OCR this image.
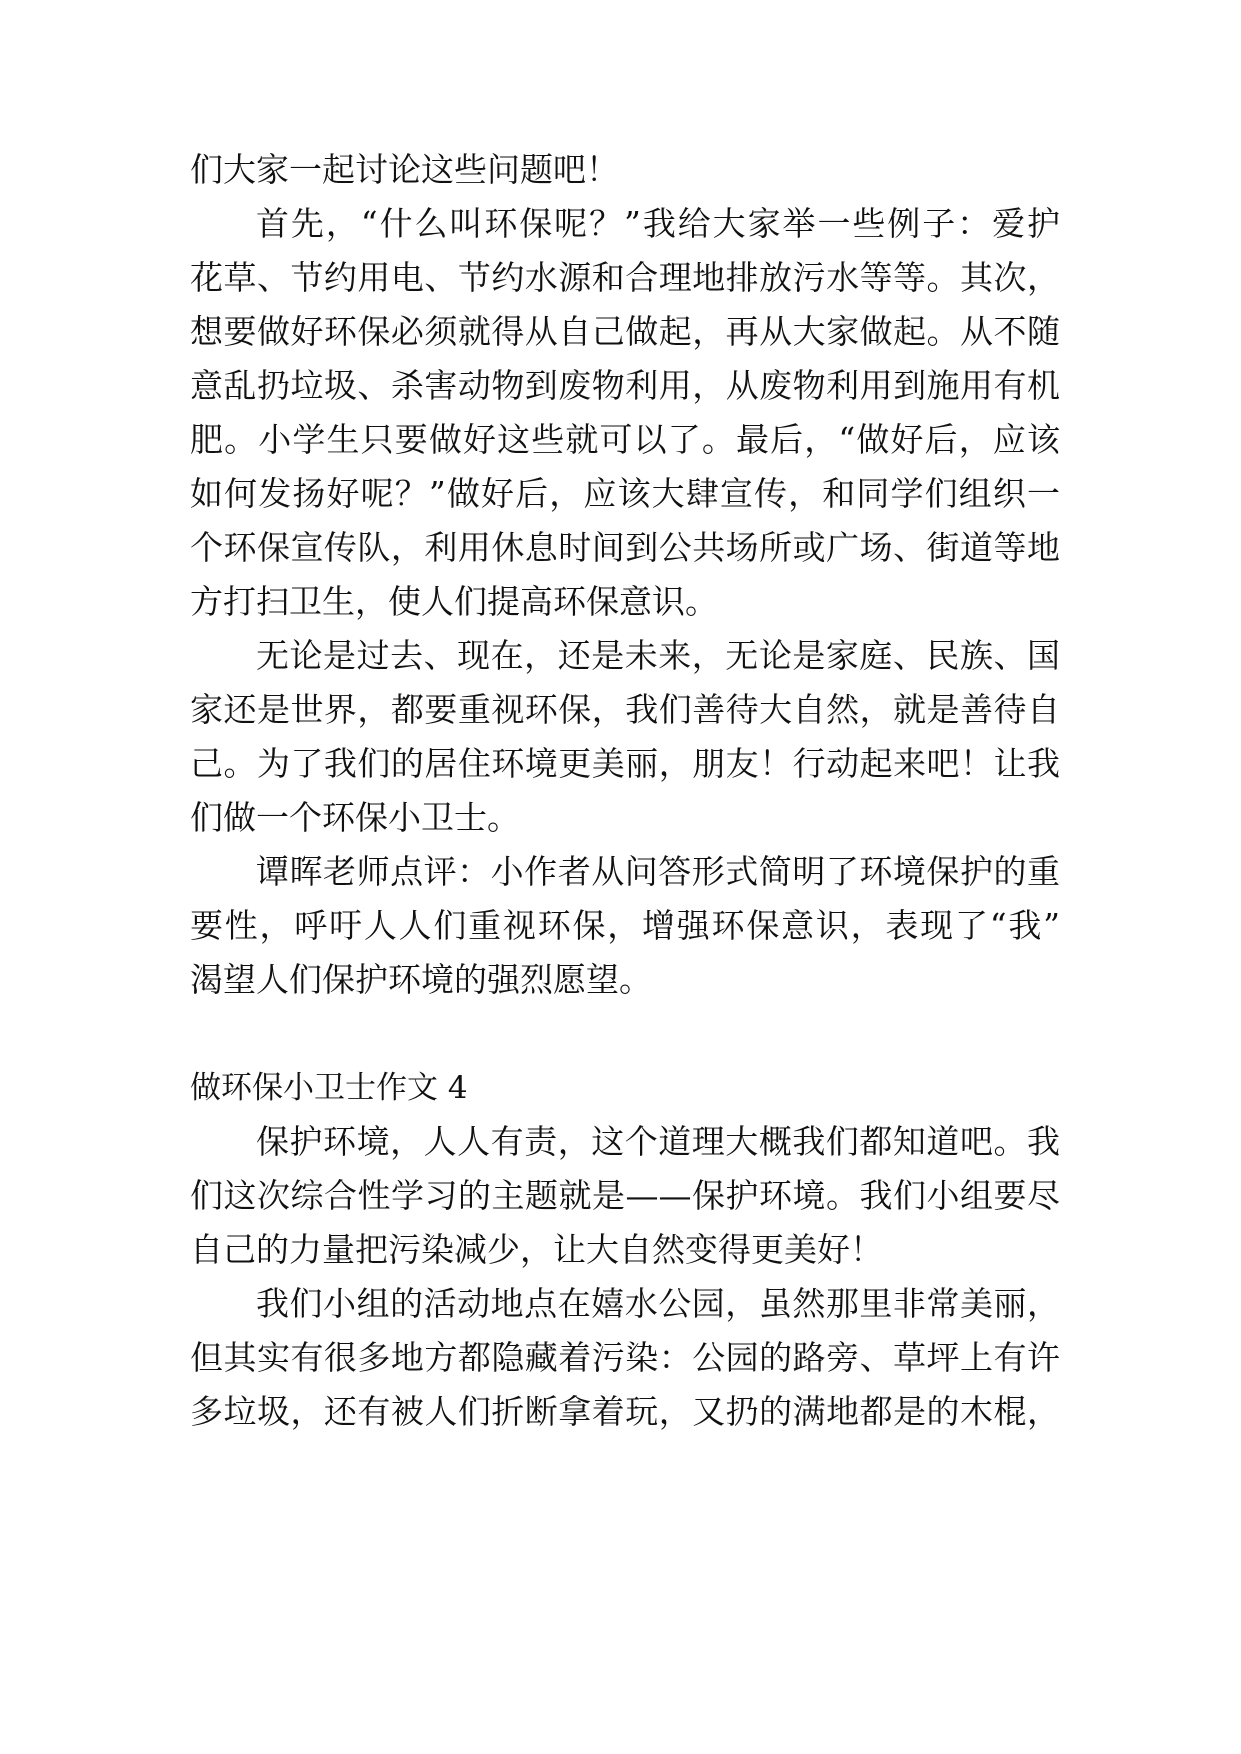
们大家一起讨论这些问题吧！
首先，“什么叫环保呢？”我给大家举一些例子：爱护
花草、节约用电、节约水源和合理地排放污水等等。其次，
想要做好环保必须就得从自己做起，再从大家做起。从不随
意乱扔垃圾、杀害动物到废物利用，从废物利用到施用有机
肥。小学生只要做好这些就可以了。最后，“做好后，应该
如何发扬好呢？”做好后，应该大肆宣传，和同学们组织一
个环保宣传队，利用休息时间到公共场所或广场、街道等地
方打扫卫生，使人们提高环保意识。
无论是过去、现在，还是未来，无论是家庭、民族、国
家还是世界，都要重视环保，我们善待大自然，就是善待自
己。为了我们的居住环境更美丽，朋友！行动起来吧！让我
们做一个环保小卫士。
谭晖老师点评：小作者从问答形式简明了环境保护的重
要性，呼吁人人们重视环保，增强环保意识，表现了“我”
渴望人们保护环境的强烈愿望。
做环保小卫士作文 4
保护环境，人人有责，这个道理大概我们都知道吧。我
们这次综合性学习的主题就是——保护环境。我们小组要尽
自己的力量把污染减少，让大自然变得更美好！
我们小组的活动地点在嬉水公园，虽然那里非常美丽，
但其实有很多地方都隐藏着污染：公园的路旁、草坪上有许
多垃圾，还有被人们折断拿着玩，又扔的满地都是的木棍，
